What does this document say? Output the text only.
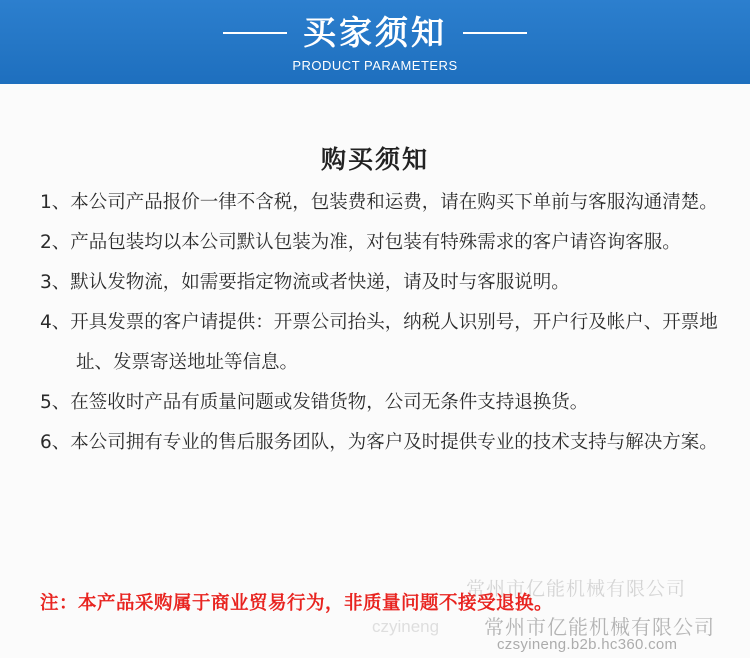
买家须知
PRODUCT PARAMETERS
购买须知
1、本公司产品报价一律不含税，包装费和运费，请在购买下单前与客服沟通清楚。
2、产品包装均以本公司默认包装为准，对包装有特殊需求的客户请咨询客服。
3、默认发物流，如需要指定物流或者快递，请及时与客服说明。
4、开具发票的客户请提供：开票公司抬头，纳税人识别号，开户行及帐户、开票地址、发票寄送地址等信息。
5、在签收时产品有质量问题或发错货物，公司无条件支持退换货。
6、本公司拥有专业的售后服务团队，为客户及时提供专业的技术支持与解决方案。
注：本产品采购属于商业贸易行为，非质量问题不接受退换。
常州市亿能机械有限公司
czyineng 常州市亿能机械有限公司
czsyineng.b2b.hc360.com
